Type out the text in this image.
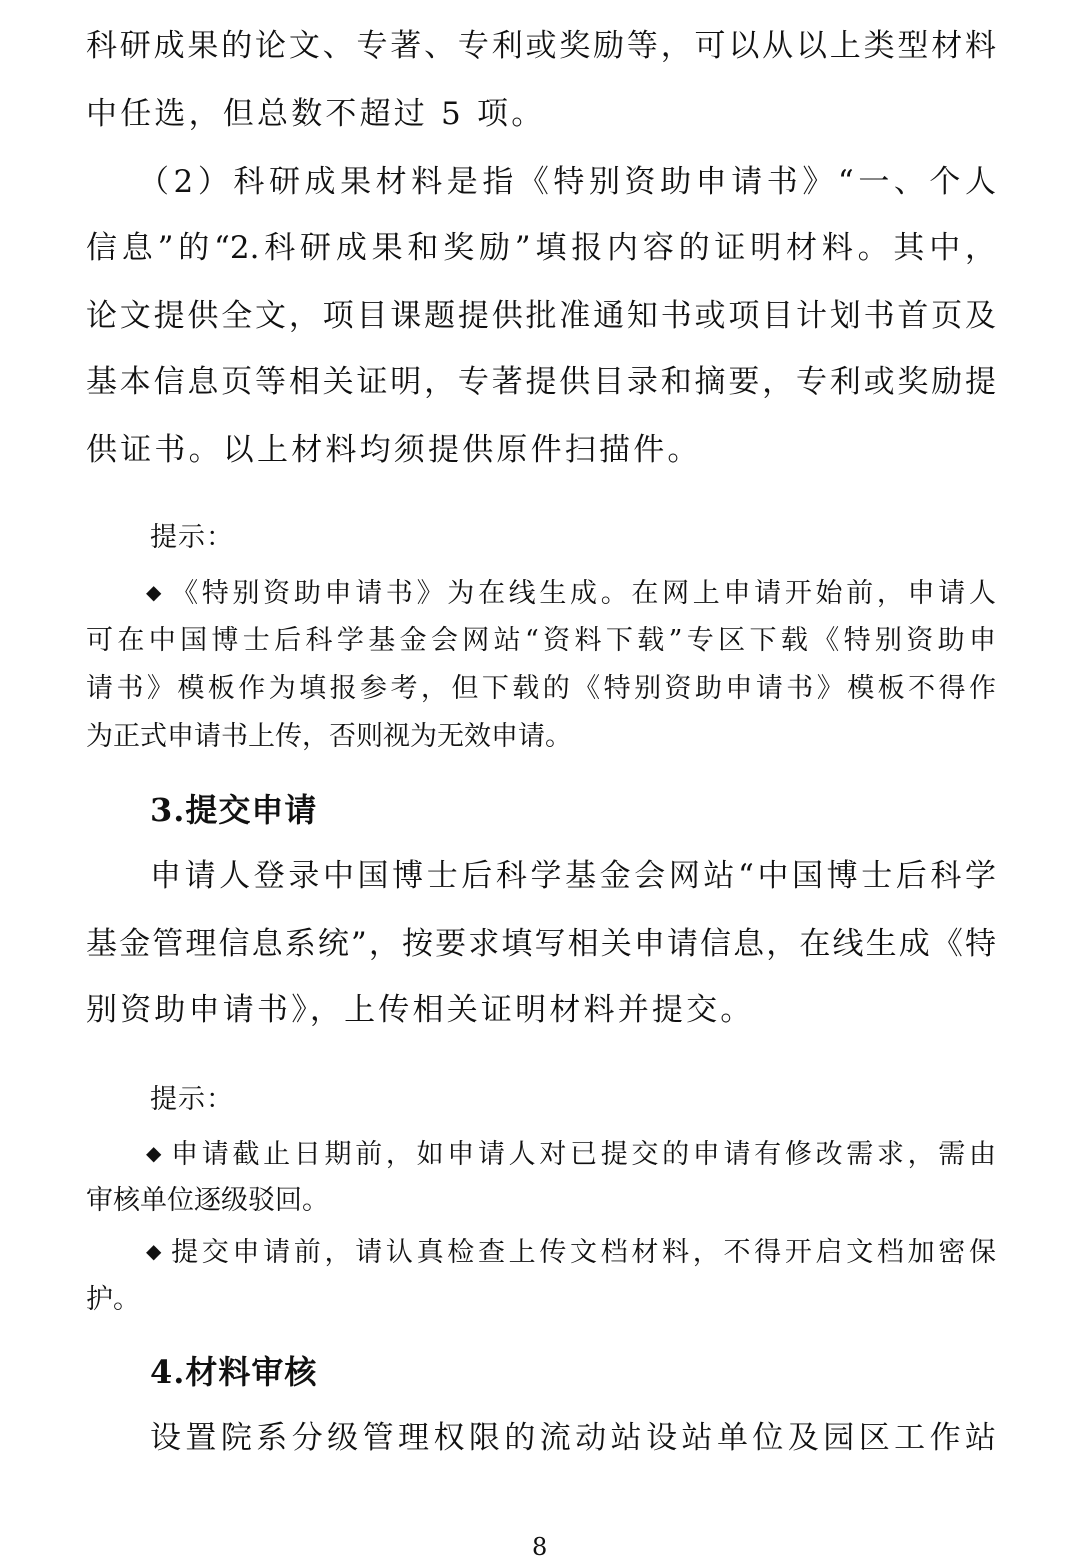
科研成果的论文、专著、专利或奖励等，可以从以上类型材料
中任选，但总数不超过 5 项。
（2）科研成果材料是指《特别资助申请书》“一、个人
信息”的“2.科研成果和奖励”填报内容的证明材料。其中，
论文提供全文，项目课题提供批准通知书或项目计划书首页及
基本信息页等相关证明，专著提供目录和摘要，专利或奖励提
供证书。以上材料均须提供原件扫描件。
提示：
◆ 《特别资助申请书》为在线生成。在网上申请开始前，申请人
可在中国博士后科学基金会网站“资料下载”专区下载《特别资助申
请书》模板作为填报参考，但下载的《特别资助申请书》模板不得作
为正式申请书上传，否则视为无效申请。
3.提交申请
申请人登录中国博士后科学基金会网站“中国博士后科学
基金管理信息系统”，按要求填写相关申请信息，在线生成《特
别资助申请书》，上传相关证明材料并提交。
提示：
◆ 申请截止日期前，如申请人对已提交的申请有修改需求，需由
审核单位逐级驳回。
◆ 提交申请前，请认真检查上传文档材料，不得开启文档加密保
护。
4.材料审核
设置院系分级管理权限的流动站设站单位及园区工作站
8
